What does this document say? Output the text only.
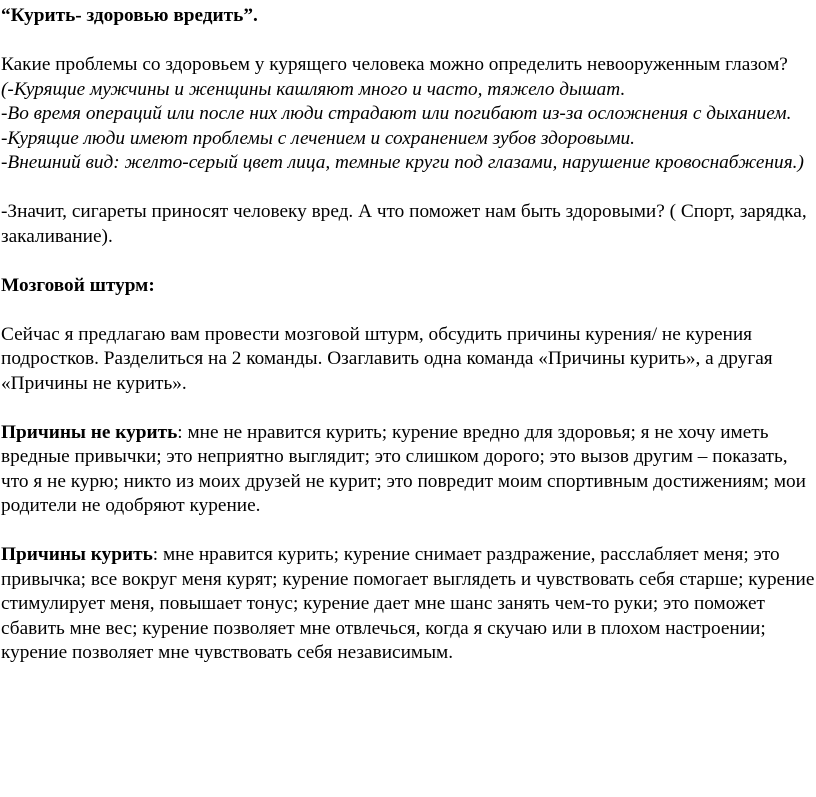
“Курить- здоровью вредить”.

Какие проблемы со здоровьем у курящего человека можно определить невооруженным глазом?

(-Курящие мужчины и женщины кашляют много и часто, тяжело дышат.

-Во время операций или после них люди страдают или погибают из-за осложнения с дыханием.

-Курящие люди имеют проблемы с лечением и сохранением зубов здоровыми.

-Внешний вид: желто-серый цвет лица, темные круги под глазами, нарушение кровоснабжения.)

-Значит, сигареты приносят человеку вред. А что поможет нам быть здоровыми? ( Спорт, зарядка, закаливание).

Мозговой штурм:

Сейчас я предлагаю вам провести мозговой штурм, обсудить причины курения/ не курения подростков. Разделиться на 2 команды. Озаглавить одна команда «Причины курить», а другая «Причины не курить».

Причины не курить: мне не нравится курить; курение вредно для здоровья; я не хочу иметь вредные привычки; это неприятно выглядит; это слишком дорого; это вызов другим – показать, что я не курю; никто из моих друзей не курит; это повредит моим спортивным достижениям; мои родители не одобряют курение.

Причины курить: мне нравится курить; курение снимает раздражение, расслабляет меня; это привычка; все вокруг меня курят; курение помогает выглядеть и чувствовать себя старше; курение стимулирует меня, повышает тонус; курение дает мне шанс занять чем-то руки; это поможет сбавить мне вес; курение позволяет мне отвлечься, когда я скучаю или в плохом настроении; курение позволяет мне чувствовать себя независимым.
